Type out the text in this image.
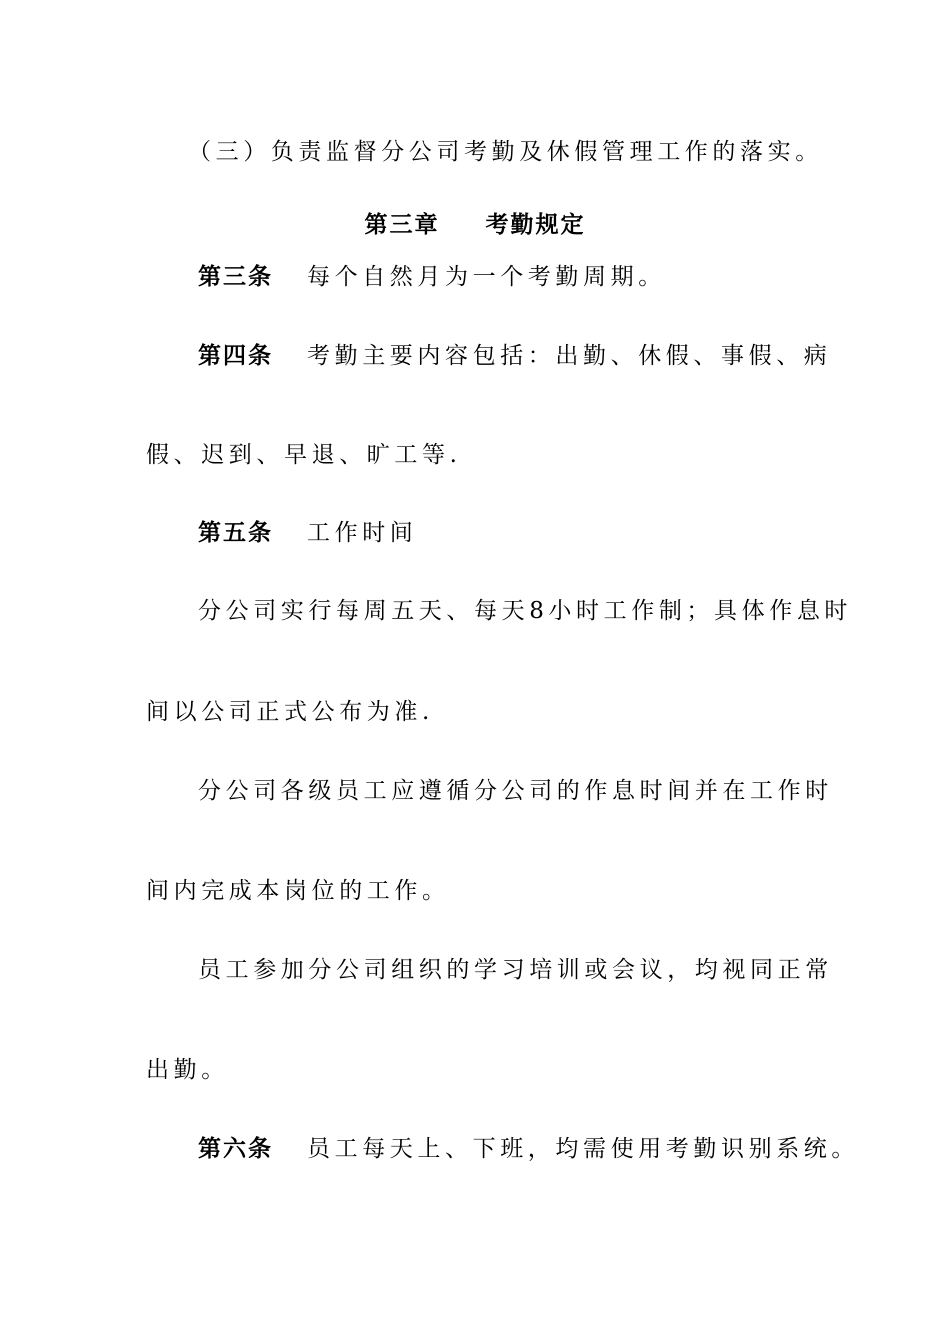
（三）负责监督分公司考勤及休假管理工作的落实。
第三章 考勤规定
第三条 每个自然月为一个考勤周期。
第四条 考勤主要内容包括：出勤、休假、事假、病
假、迟到、早退、旷工等.
第五条 工作时间
分公司实行每周五天、每天8小时工作制；具体作息时
间以公司正式公布为准.
分公司各级员工应遵循分公司的作息时间并在工作时
间内完成本岗位的工作。
员工参加分公司组织的学习培训或会议，均视同正常
出勤。
第六条 员工每天上、下班，均需使用考勤识别系统。
